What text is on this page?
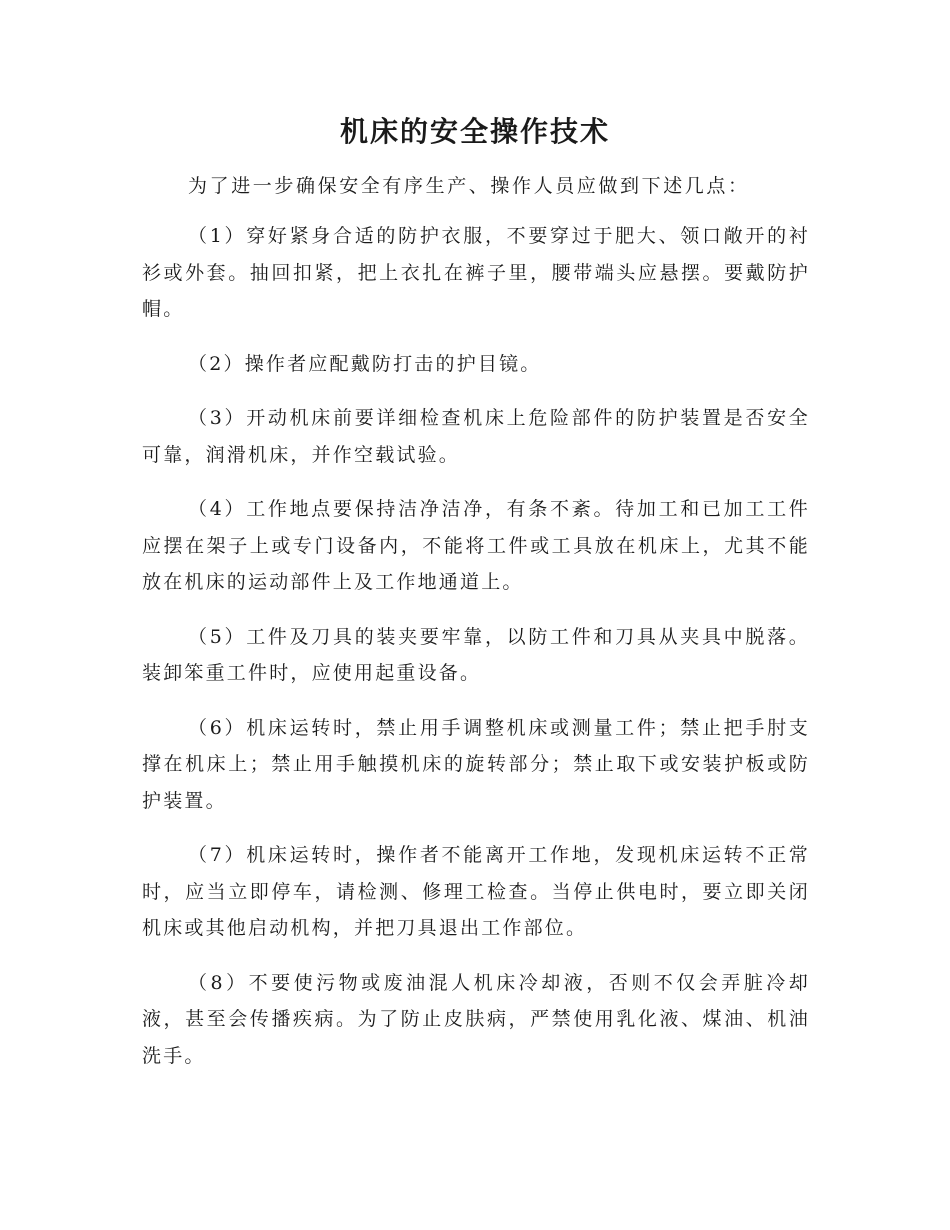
机床的安全操作技术

为了进一步确保安全有序生产、操作人员应做到下述几点：

（1）穿好紧身合适的防护衣服，不要穿过于肥大、领口敞开的衬衫或外套。抽回扣紧，把上衣扎在裤子里，腰带端头应悬摆。要戴防护帽。

（2）操作者应配戴防打击的护目镜。

（3）开动机床前要详细检查机床上危险部件的防护装置是否安全可靠，润滑机床，并作空载试验。

（4）工作地点要保持洁净洁净，有条不紊。待加工和已加工工件应摆在架子上或专门设备内，不能将工件或工具放在机床上，尤其不能放在机床的运动部件上及工作地通道上。

（5）工件及刀具的装夹要牢靠，以防工件和刀具从夹具中脱落。装卸笨重工件时，应使用起重设备。

（6）机床运转时，禁止用手调整机床或测量工件；禁止把手肘支撑在机床上；禁止用手触摸机床的旋转部分；禁止取下或安装护板或防护装置。

（7）机床运转时，操作者不能离开工作地，发现机床运转不正常时，应当立即停车，请检测、修理工检查。当停止供电时，要立即关闭机床或其他启动机构，并把刀具退出工作部位。

（8）不要使污物或废油混人机床冷却液，否则不仅会弄脏冷却液，甚至会传播疾病。为了防止皮肤病，严禁使用乳化液、煤油、机油洗手。
